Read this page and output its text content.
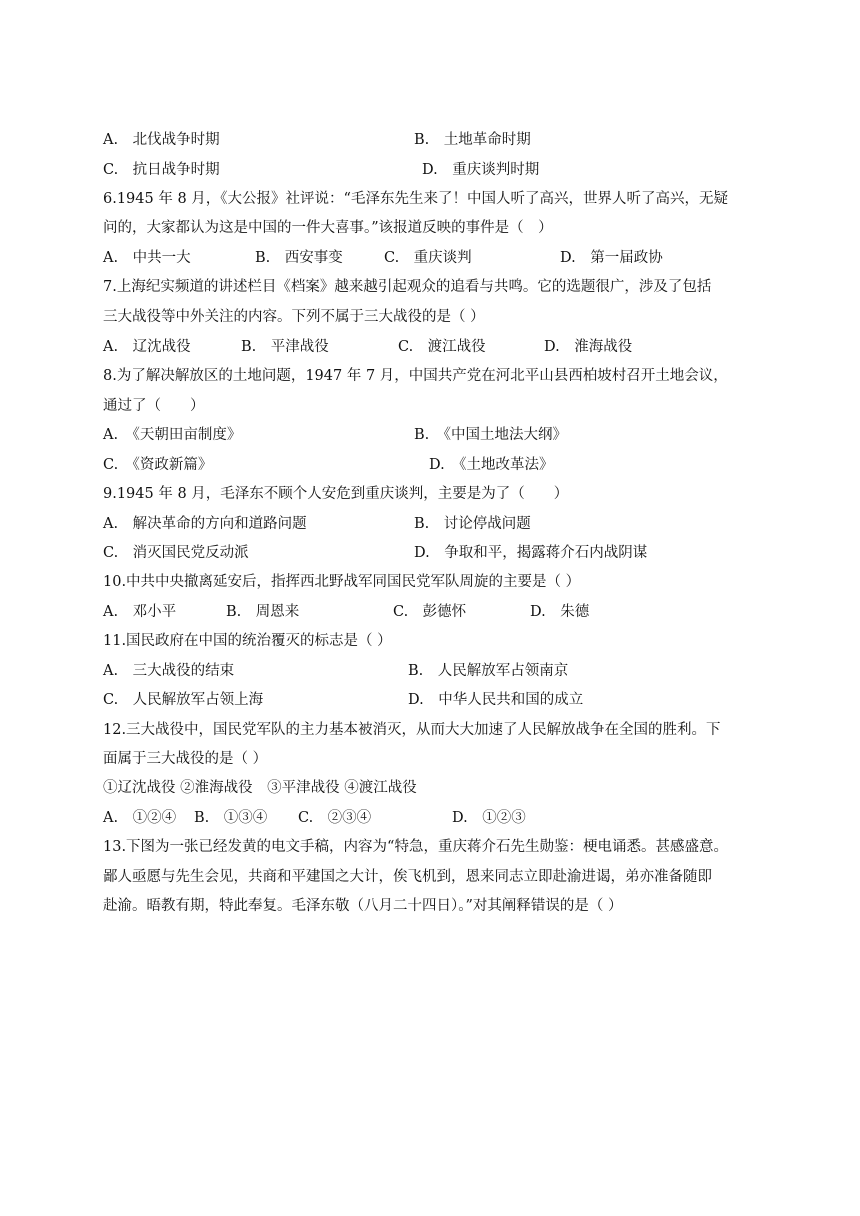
A.　北伐战争时期	B.　土地革命时期
C.　抗日战争时期	D.　重庆谈判时期
6.1945 年 8 月，《大公报》社评说：“毛泽东先生来了！中国人听了高兴，世界人听了高兴，无疑
问的，大家都认为这是中国的一件大喜事。”该报道反映的事件是（　）
A.　中共一大	B.　西安事变	C.　重庆谈判	D.　第一届政协
7.上海纪实频道的讲述栏目《档案》越来越引起观众的追看与共鸣。它的选题很广，涉及了包括
三大战役等中外关注的内容。下列不属于三大战役的是（ ）
A.　辽沈战役	B.　平津战役	C.　渡江战役	D.　淮海战役
8.为了解决解放区的土地问题，1947 年 7 月，中国共产党在河北平山县西柏坡村召开土地会议，
通过了（　　）
A.　《天朝田亩制度》	B.　《中国土地法大纲》
C.　《资政新篇》	D.　《土地改革法》
9.1945 年 8 月，毛泽东不顾个人安危到重庆谈判，主要是为了（　　）
A.　解决革命的方向和道路问题	B.　讨论停战问题
C.　消灭国民党反动派	D.　争取和平，揭露蒋介石内战阴谋
10.中共中央撤离延安后，指挥西北野战军同国民党军队周旋的主要是（ ）
A.　邓小平	B.　周恩来	C.　彭德怀	D.　朱德
11.国民政府在中国的统治覆灭的标志是（ ）
A.　三大战役的结束	B.　人民解放军占领南京
C.　人民解放军占领上海	D.　中华人民共和国的成立
12.三大战役中，国民党军队的主力基本被消灭，从而大大加速了人民解放战争在全国的胜利。下
面属于三大战役的是（ ）
①辽沈战役 ②淮海战役　③平津战役 ④渡江战役
A.　①②④ B.　①③④ C.　②③④	D.　①②③
13.下图为一张已经发黄的电文手稿，内容为“特急，重庆蒋介石先生勋鉴：梗电诵悉。甚感盛意。
鄙人亟愿与先生会见，共商和平建国之大计，俟飞机到，恩来同志立即赴渝进谒，弟亦准备随即
赴渝。晤教有期，特此奉复。毛泽东敬（八月二十四日）。”对其阐释错误的是（ ）
